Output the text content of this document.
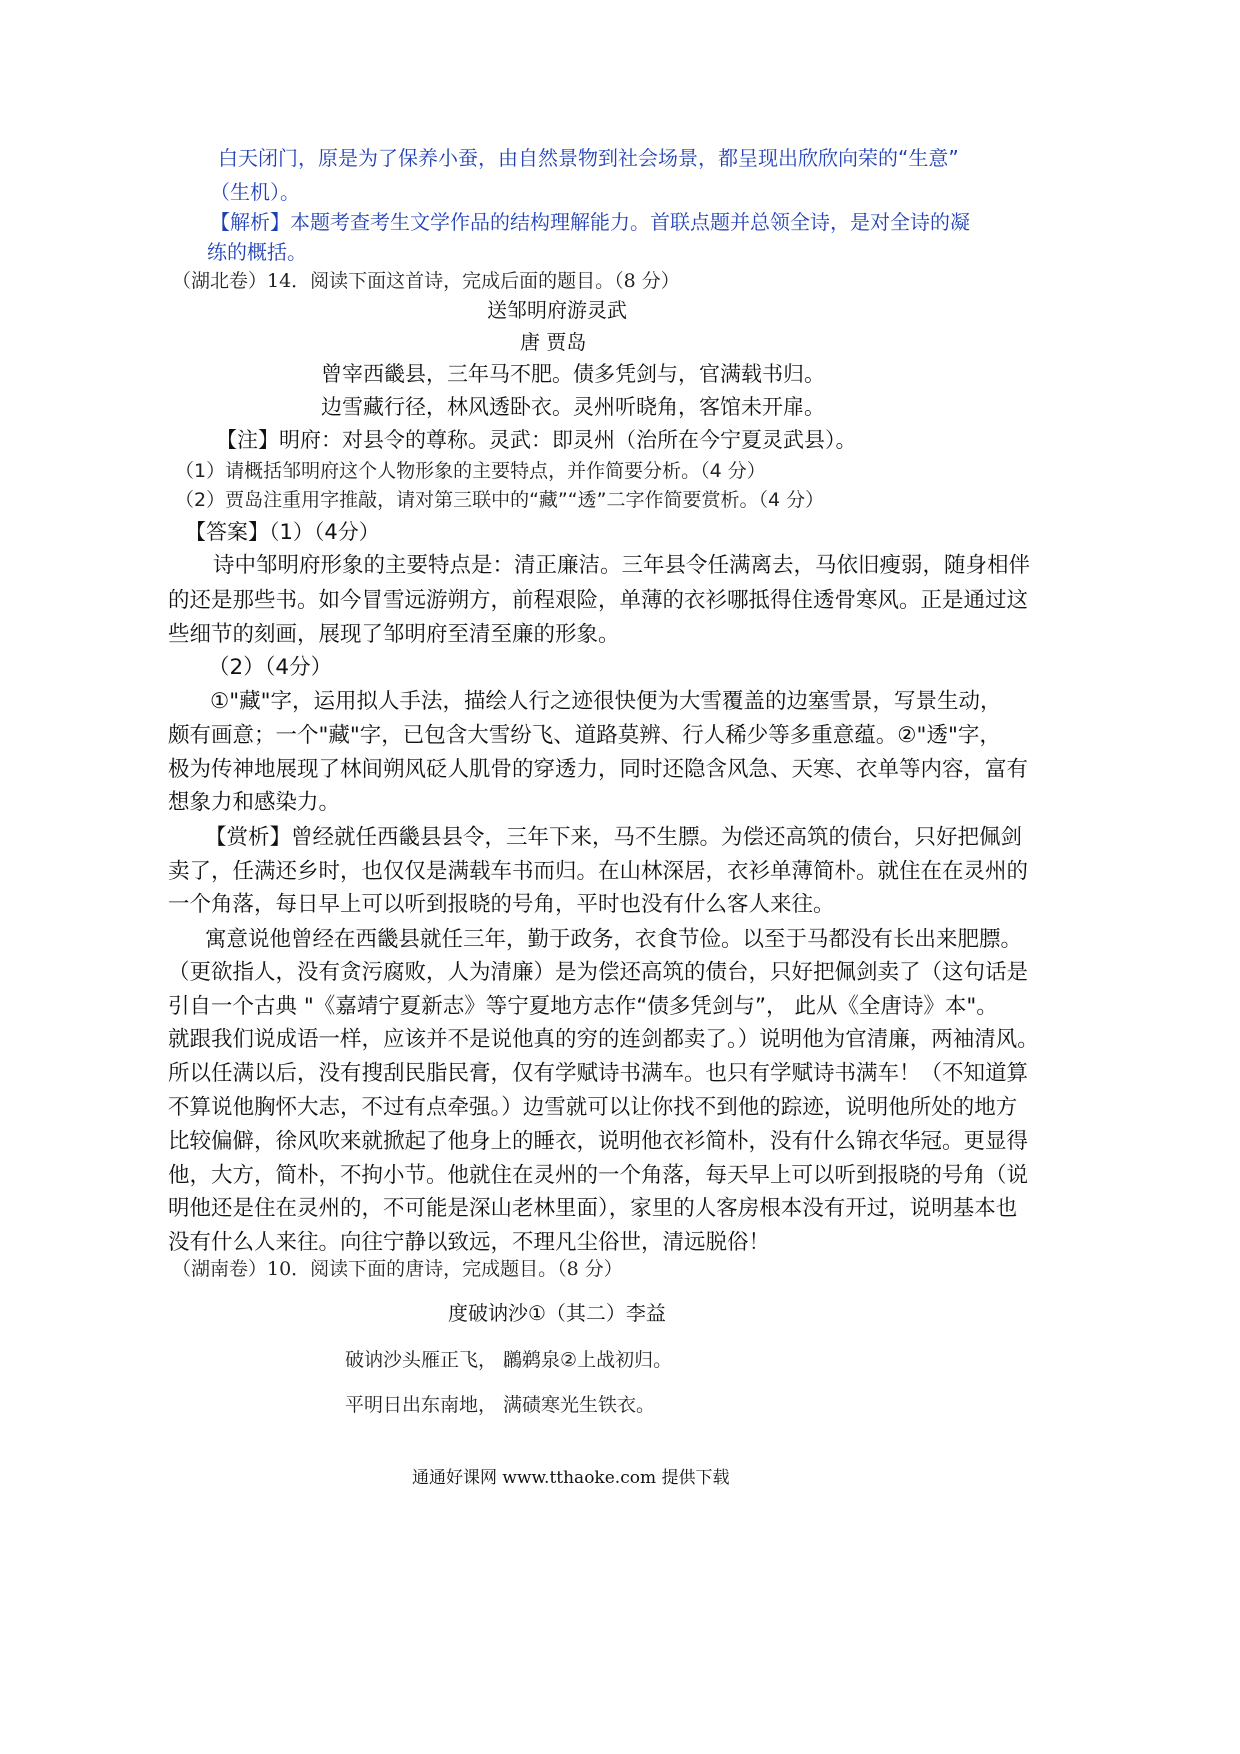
白天闭门，原是为了保养小蚕，由自然景物到社会场景，都呈现出欣欣向荣的“生意”
（生机）。
【解析】本题考查考生文学作品的结构理解能力。首联点题并总领全诗，是对全诗的凝
练的概括。
（湖北卷）14．阅读下面这首诗，完成后面的题目。（8 分）
送邹明府游灵武
唐 贾岛
曾宰西畿县，三年马不肥。债多凭剑与，官满载书归。
边雪藏行径，林风透卧衣。灵州听晓角，客馆未开扉。
【注】明府：对县令的尊称。灵武：即灵州（治所在今宁夏灵武县）。
（1）请概括邹明府这个人物形象的主要特点，并作简要分析。（4 分）
（2）贾岛注重用字推敲，请对第三联中的“藏”“透”二字作简要赏析。（4 分）
【答案】（1）（4分）
诗中邹明府形象的主要特点是：清正廉洁。三年县令任满离去，马依旧瘦弱，随身相伴
的还是那些书。如今冒雪远游朔方，前程艰险，单薄的衣衫哪抵得住透骨寒风。正是通过这
些细节的刻画，展现了邹明府至清至廉的形象。
（2）（4分）
①"藏"字，运用拟人手法，描绘人行之迹很快便为大雪覆盖的边塞雪景，写景生动，
颇有画意；一个"藏"字，已包含大雪纷飞、道路莫辨、行人稀少等多重意蕴。②"透"字，
极为传神地展现了林间朔风砭人肌骨的穿透力，同时还隐含风急、天寒、衣单等内容，富有
想象力和感染力。
【赏析】曾经就任西畿县县令，三年下来，马不生膘。为偿还高筑的债台，只好把佩剑
卖了，任满还乡时，也仅仅是满载车书而归。在山林深居，衣衫单薄简朴。就住在在灵州的
一个角落，每日早上可以听到报晓的号角，平时也没有什么客人来往。
寓意说他曾经在西畿县就任三年，勤于政务，衣食节俭。以至于马都没有长出来肥膘。
（更欲指人，没有贪污腐败，人为清廉）是为偿还高筑的债台，只好把佩剑卖了（这句话是
引自一个古典 "《嘉靖宁夏新志》等宁夏地方志作“债多凭剑与”， 此从《全唐诗》本"。
就跟我们说成语一样，应该并不是说他真的穷的连剑都卖了。）说明他为官清廉，两袖清风。
所以任满以后，没有搜刮民脂民膏，仅有学赋诗书满车。也只有学赋诗书满车！（不知道算
不算说他胸怀大志，不过有点牵强。）边雪就可以让你找不到他的踪迹，说明他所处的地方
比较偏僻，徐风吹来就掀起了他身上的睡衣，说明他衣衫简朴，没有什么锦衣华冠。更显得
他，大方，简朴，不拘小节。他就住在灵州的一个角落，每天早上可以听到报晓的号角（说
明他还是住在灵州的，不可能是深山老林里面），家里的人客房根本没有开过，说明基本也
没有什么人来往。向往宁静以致远，不理凡尘俗世，清远脱俗！
（湖南卷）10．阅读下面的唐诗，完成题目。（8 分）
度破讷沙①（其二）李益
破讷沙头雁正飞， 鸊鹈泉②上战初归。
平明日出东南地， 满碛寒光生铁衣。
通通好课网 www.tthaoke.com 提供下载
